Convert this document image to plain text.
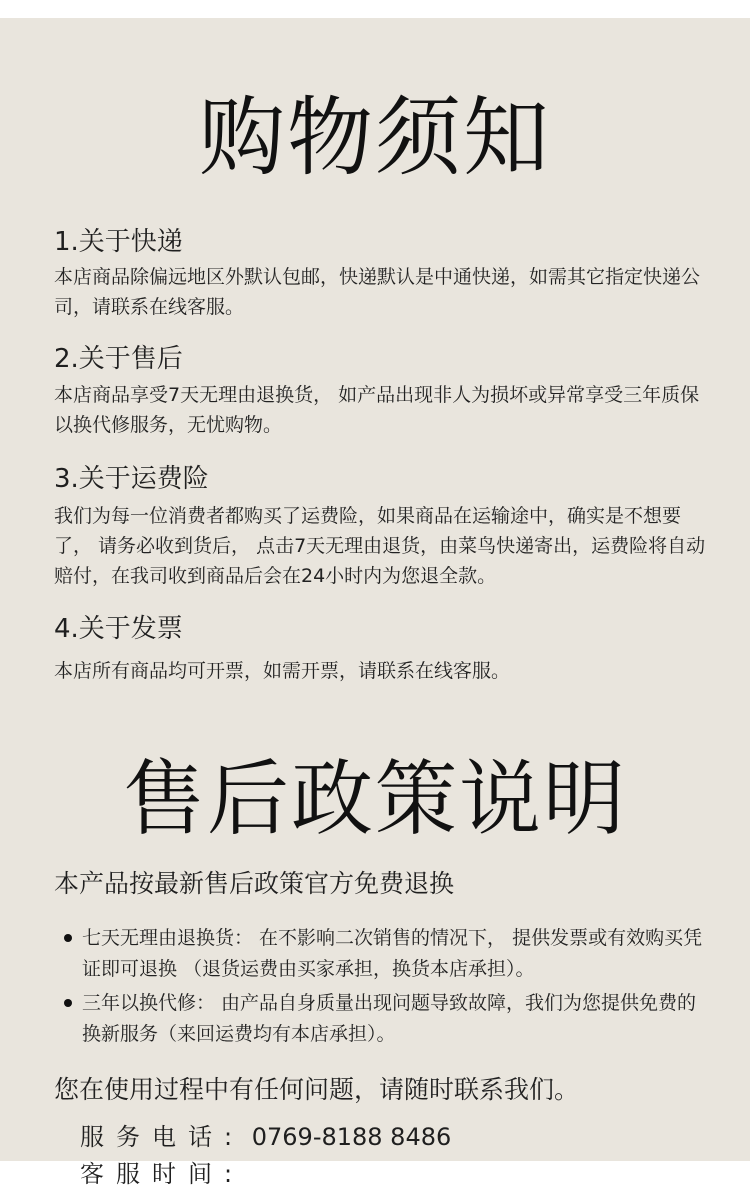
购物须知
1.关于快递
本店商品除偏远地区外默认包邮，快递默认是中通快递，如需其它指定快递公司，请联系在线客服。
2.关于售后
本店商品享受7天无理由退换货， 如产品出现非人为损坏或异常享受三年质保以换代修服务，无忧购物。
3.关于运费险
我们为每一位消费者都购买了运费险，如果商品在运输途中，确实是不想要了， 请务必收到货后， 点击7天无理由退货，由菜鸟快递寄出，运费险将自动赔付，在我司收到商品后会在24小时内为您退全款。
4.关于发票
本店所有商品均可开票，如需开票，请联系在线客服。
售后政策说明
本产品按最新售后政策官方免费退换
七天无理由退换货： 在不影响二次销售的情况下， 提供发票或有效购买凭证即可退换 （退货运费由买家承担，换货本店承担）。
三年以换代修： 由产品自身质量出现问题导致故障，我们为您提供免费的换新服务（来回运费均有本店承担）。
您在使用过程中有任何问题，请随时联系我们。
服务电话: 0769-8188 8486
客服时间:
